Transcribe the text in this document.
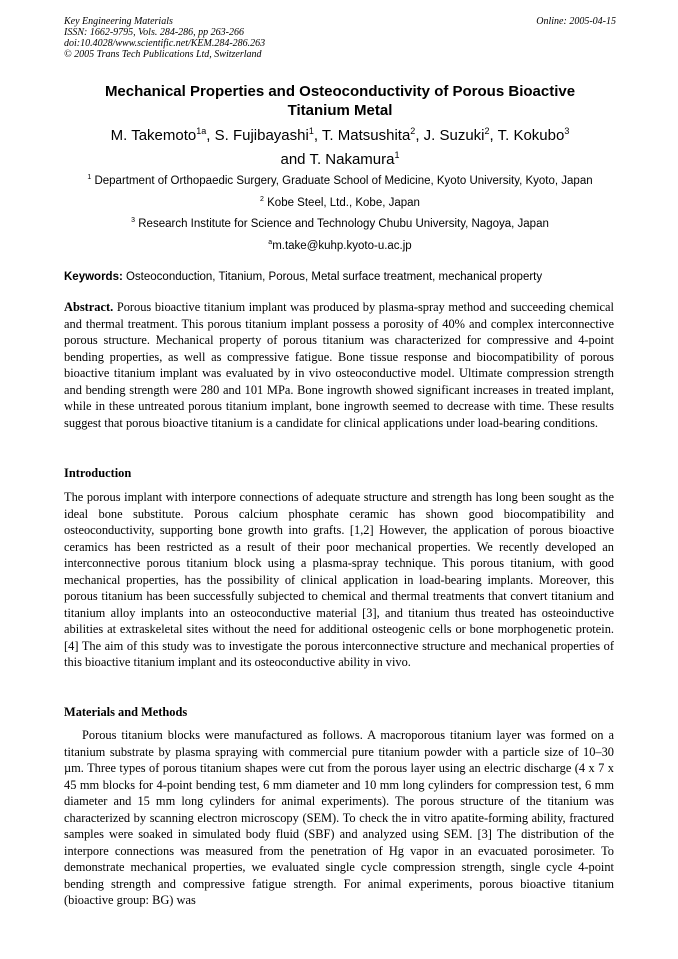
Key Engineering Materials
ISSN: 1662-9795, Vols. 284-286, pp 263-266
doi:10.4028/www.scientific.net/KEM.284-286.263
© 2005 Trans Tech Publications Ltd, Switzerland
Online: 2005-04-15
Mechanical Properties and Osteoconductivity of Porous Bioactive
Titanium Metal
M. Takemoto$^{1a}$, S. Fujibayashi$^1$, T. Matsushita$^2$, J. Suzuki$^2$, T. Kokubo$^3$
and T. Nakamura$^1$
$^1$ Department of Orthopaedic Surgery, Graduate School of Medicine, Kyoto University, Kyoto, Japan
$^2$ Kobe Steel, Ltd., Kobe, Japan
$^3$ Research Institute for Science and Technology Chubu University, Nagoya, Japan
$^a$m.take@kuhp.kyoto-u.ac.jp
Keywords: Osteoconduction, Titanium, Porous, Metal surface treatment, mechanical property
Abstract. Porous bioactive titanium implant was produced by plasma-spray method and succeeding chemical and thermal treatment. This porous titanium implant possess a porosity of 40% and complex interconnective porous structure. Mechanical property of porous titanium was characterized for compressive and 4-point bending properties, as well as compressive fatigue. Bone tissue response and biocompatibility of porous bioactive titanium implant was evaluated by in vivo osteoconductive model. Ultimate compression strength and bending strength were 280 and 101 MPa. Bone ingrowth showed significant increases in treated implant, while in these untreated porous titanium implant, bone ingrowth seemed to decrease with time. These results suggest that porous bioactive titanium is a candidate for clinical applications under load-bearing conditions.
Introduction
The porous implant with interpore connections of adequate structure and strength has long been sought as the ideal bone substitute. Porous calcium phosphate ceramic has shown good biocompatibility and osteoconductivity, supporting bone growth into grafts. [1,2] However, the application of porous bioactive ceramics has been restricted as a result of their poor mechanical properties. We recently developed an interconnective porous titanium block using a plasma-spray technique. This porous titanium, with good mechanical properties, has the possibility of clinical application in load-bearing implants. Moreover, this porous titanium has been successfully subjected to chemical and thermal treatments that convert titanium and titanium alloy implants into an osteoconductive material [3], and titanium thus treated has osteoinductive abilities at extraskeletal sites without the need for additional osteogenic cells or bone morphogenetic protein. [4] The aim of this study was to investigate the porous interconnective structure and mechanical properties of this bioactive titanium implant and its osteoconductive ability in vivo.
Materials and Methods
Porous titanium blocks were manufactured as follows. A macroporous titanium layer was formed on a titanium substrate by plasma spraying with commercial pure titanium powder with a particle size of 10–30 µm. Three types of porous titanium shapes were cut from the porous layer using an electric discharge (4 x 7 x 45 mm blocks for 4-point bending test, 6 mm diameter and 10 mm long cylinders for compression test, 6 mm diameter and 15 mm long cylinders for animal experiments). The porous structure of the titanium was characterized by scanning electron microscopy (SEM). To check the in vitro apatite-forming ability, fractured samples were soaked in simulated body fluid (SBF) and analyzed using SEM. [3] The distribution of the interpore connections was measured from the penetration of Hg vapor in an evacuated porosimeter. To demonstrate mechanical properties, we evaluated single cycle compression strength, single cycle 4-point bending strength and compressive fatigue strength. For animal experiments, porous bioactive titanium (bioactive group: BG) was
